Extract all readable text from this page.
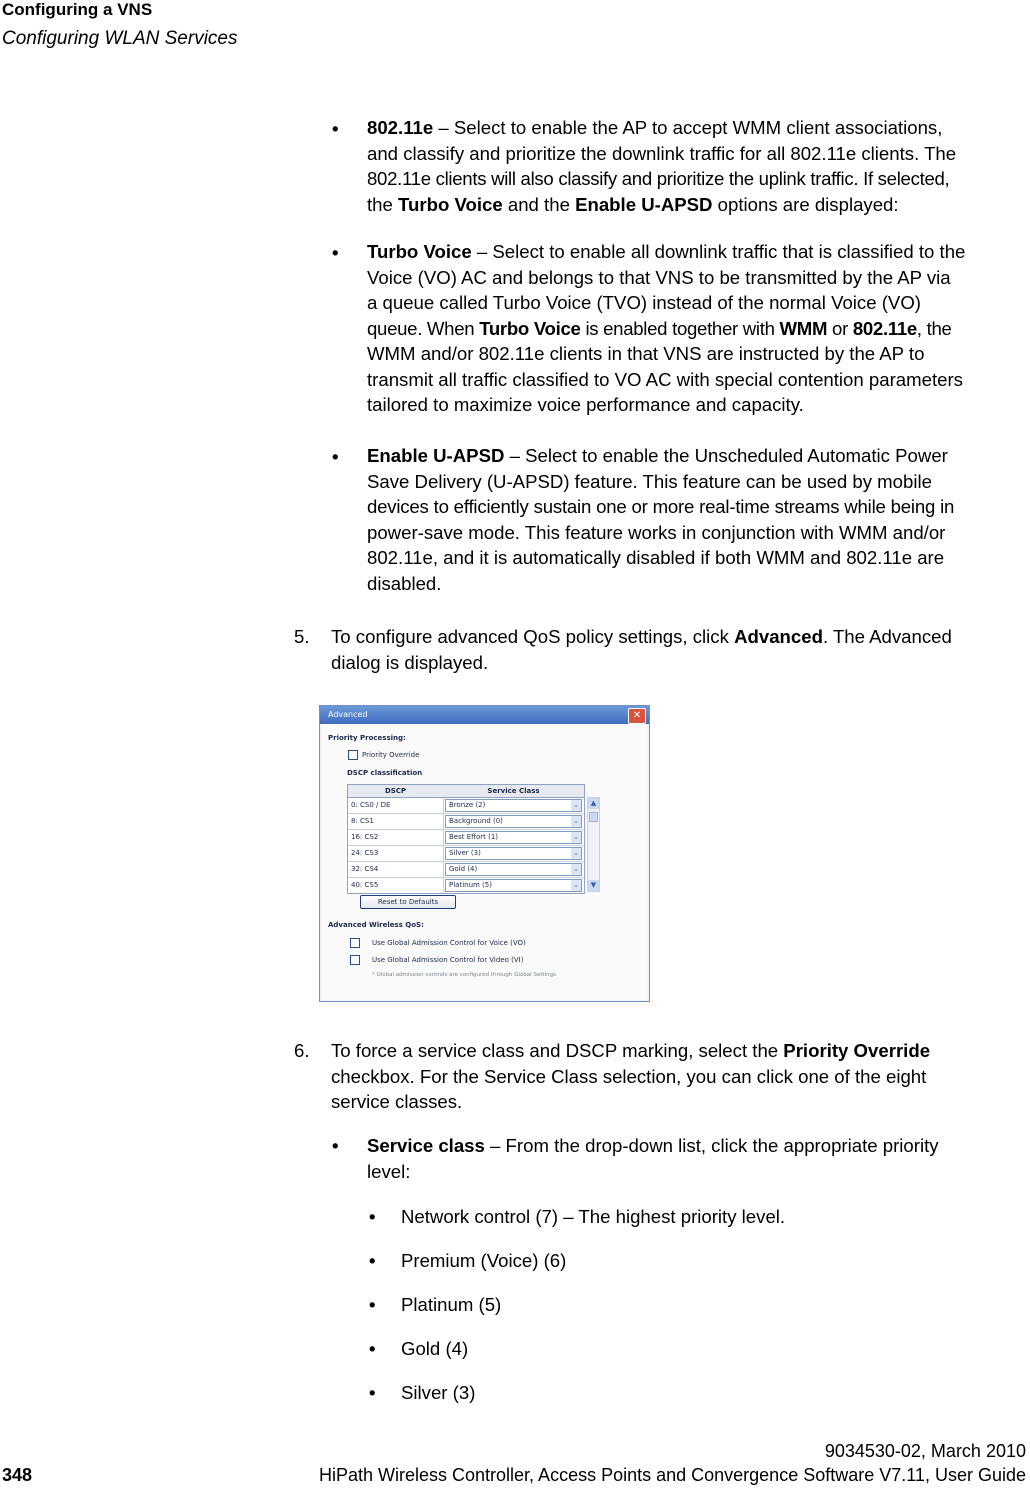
Configuring a VNS
Configuring WLAN Services
• 802.11e – Select to enable the AP to accept WMM client associations,
and classify and prioritize the downlink traffic for all 802.11e clients. The
802.11e clients will also classify and prioritize the uplink traffic. If selected,
the Turbo Voice and the Enable U-APSD options are displayed:
• Turbo Voice – Select to enable all downlink traffic that is classified to the
Voice (VO) AC and belongs to that VNS to be transmitted by the AP via
a queue called Turbo Voice (TVO) instead of the normal Voice (VO)
queue. When Turbo Voice is enabled together with WMM or 802.11e, the
WMM and/or 802.11e clients in that VNS are instructed by the AP to
transmit all traffic classified to VO AC with special contention parameters
tailored to maximize voice performance and capacity.
• Enable U-APSD – Select to enable the Unscheduled Automatic Power
Save Delivery (U-APSD) feature. This feature can be used by mobile
devices to efficiently sustain one or more real-time streams while being in
power-save mode. This feature works in conjunction with WMM and/or
802.11e, and it is automatically disabled if both WMM and 802.11e are
disabled.
5. To configure advanced QoS policy settings, click Advanced. The Advanced
dialog is displayed.
Advanced	✕
Priority Processing:
Priority Override
DSCP classification
DSCP	Service Class
0: CS0 / DE	Bronze (2)	⌄
8: CS1	Background (0)	⌄
16: CS2	Best Effort (1)	⌄
24: CS3	Silver (3)	⌄
32: CS4	Gold (4)	⌄
40: CS5	Platinum (5)	⌄
▲
▼
Reset to Defaults
Advanced Wireless QoS:
Use Global Admission Control for Voice (VO)
Use Global Admission Control for Video (VI)
* Global admission controls are configured through Global Settings
6. To force a service class and DSCP marking, select the Priority Override
checkbox. For the Service Class selection, you can click one of the eight
service classes.
• Service class – From the drop-down list, click the appropriate priority
level:
• Network control (7) – The highest priority level.
• Premium (Voice) (6)
• Platinum (5)
• Gold (4)
• Silver (3)
9034530-02, March 2010
348	HiPath Wireless Controller, Access Points and Convergence Software V7.11, User Guide
